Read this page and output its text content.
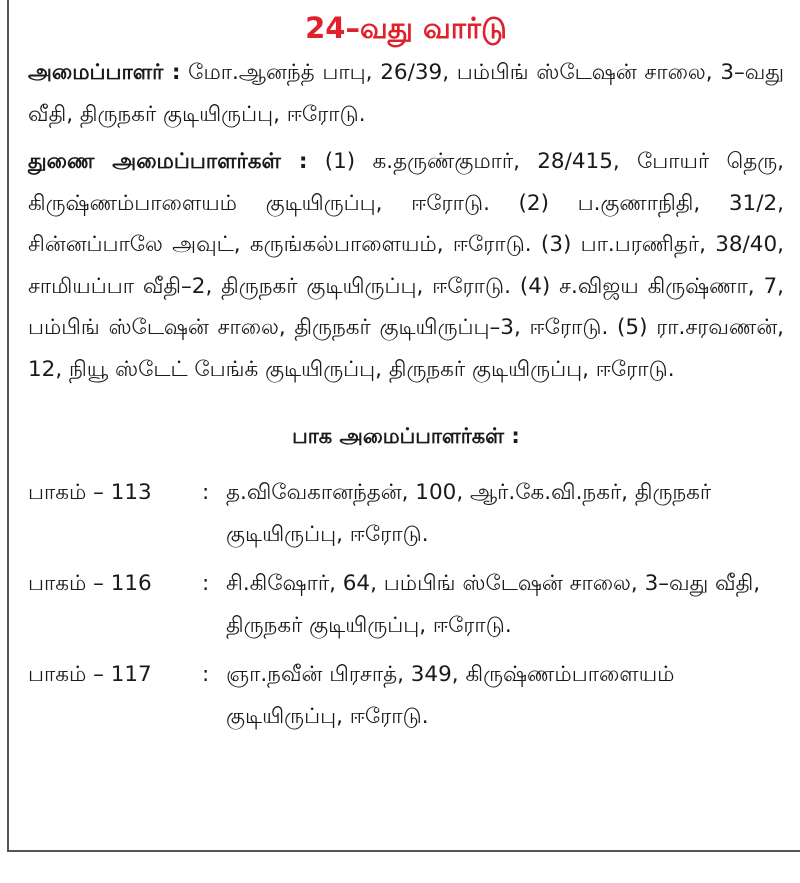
24–வது வார்டு

அமைப்பாளர் : மோ.ஆனந்த் பாபு, 26/39, பம்பிங் ஸ்டேஷன் சாலை, 3–வது வீதி, திருநகர் குடியிருப்பு, ஈரோடு.

துணை அமைப்பாளர்கள் : (1) க.தருண்குமார், 28/415, போயர் தெரு, கிருஷ்ணம்பாளையம் குடியிருப்பு, ஈரோடு. (2) ப.குணாநிதி, 31/2, சின்னப்பாலே அவுட், கருங்கல்பாளையம், ஈரோடு. (3) பா.பரணிதர், 38/40, சாமியப்பா வீதி–2, திருநகர் குடியிருப்பு, ஈரோடு. (4) ச.விஜய கிருஷ்ணா, 7, பம்பிங் ஸ்டேஷன் சாலை, திருநகர் குடியிருப்பு–3, ஈரோடு. (5) ரா.சரவணன், 12, நியூ ஸ்டேட் பேங்க் குடியிருப்பு, திருநகர் குடியிருப்பு, ஈரோடு.

பாக அமைப்பாளர்கள் :
பாகம் – 113	: த.விவேகானந்தன், 100, ஆர்.கே.வி.நகர், திருநகர் குடியிருப்பு, ஈரோடு.
பாகம் – 116	: சி.கிஷோர், 64, பம்பிங் ஸ்டேஷன் சாலை, 3–வது வீதி, திருநகர் குடியிருப்பு, ஈரோடு.
பாகம் – 117	: ஞா.நவீன் பிரசாத், 349, கிருஷ்ணம்பாளையம் குடியிருப்பு, ஈரோடு.
